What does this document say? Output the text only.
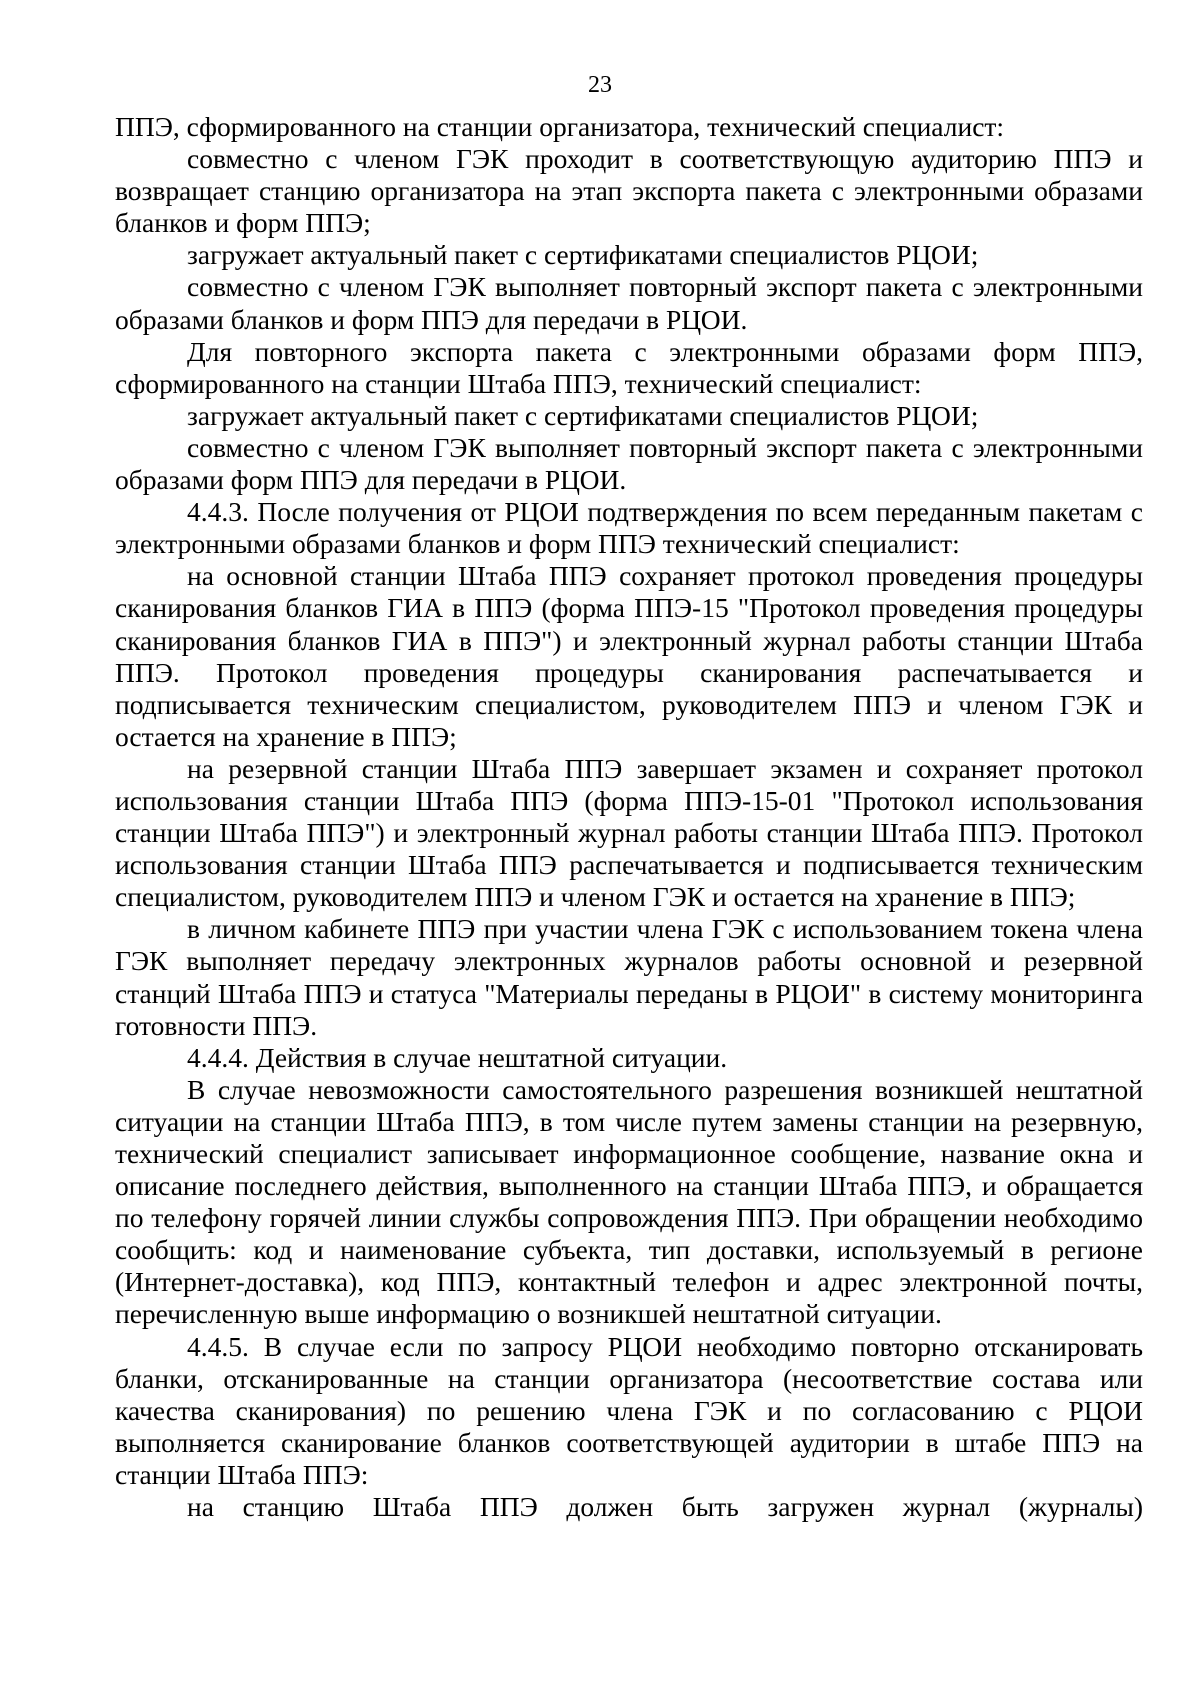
23

ППЭ, сформированного на станции организатора, технический специалист:

совместно с членом ГЭК проходит в соответствующую аудиторию ППЭ и возвращает станцию организатора на этап экспорта пакета с электронными образами бланков и форм ППЭ;

загружает актуальный пакет с сертификатами специалистов РЦОИ;

совместно с членом ГЭК выполняет повторный экспорт пакета с электронными образами бланков и форм ППЭ для передачи в РЦОИ.

Для повторного экспорта пакета с электронными образами форм ППЭ, сформированного на станции Штаба ППЭ, технический специалист:

загружает актуальный пакет с сертификатами специалистов РЦОИ;

совместно с членом ГЭК выполняет повторный экспорт пакета с электронными образами форм ППЭ для передачи в РЦОИ.

4.4.3. После получения от РЦОИ подтверждения по всем переданным пакетам с электронными образами бланков и форм ППЭ технический специалист:

на основной станции Штаба ППЭ сохраняет протокол проведения процедуры сканирования бланков ГИА в ППЭ (форма ППЭ-15 "Протокол проведения процедуры сканирования бланков ГИА в ППЭ") и электронный журнал работы станции Штаба ППЭ. Протокол проведения процедуры сканирования распечатывается и подписывается техническим специалистом, руководителем ППЭ и членом ГЭК и остается на хранение в ППЭ;

на резервной станции Штаба ППЭ завершает экзамен и сохраняет протокол использования станции Штаба ППЭ (форма ППЭ-15-01 "Протокол использования станции Штаба ППЭ") и электронный журнал работы станции Штаба ППЭ. Протокол использования станции Штаба ППЭ распечатывается и подписывается техническим специалистом, руководителем ППЭ и членом ГЭК и остается на хранение в ППЭ;

в личном кабинете ППЭ при участии члена ГЭК с использованием токена члена ГЭК выполняет передачу электронных журналов работы основной и резервной станций Штаба ППЭ и статуса "Материалы переданы в РЦОИ" в систему мониторинга готовности ППЭ.

4.4.4. Действия в случае нештатной ситуации.

В случае невозможности самостоятельного разрешения возникшей нештатной ситуации на станции Штаба ППЭ, в том числе путем замены станции на резервную, технический специалист записывает информационное сообщение, название окна и описание последнего действия, выполненного на станции Штаба ППЭ, и обращается по телефону горячей линии службы сопровождения ППЭ. При обращении необходимо сообщить: код и наименование субъекта, тип доставки, используемый в регионе (Интернет-доставка), код ППЭ, контактный телефон и адрес электронной почты, перечисленную выше информацию о возникшей нештатной ситуации.

4.4.5. В случае если по запросу РЦОИ необходимо повторно отсканировать бланки, отсканированные на станции организатора (несоответствие состава или качества сканирования) по решению члена ГЭК и по согласованию с РЦОИ выполняется сканирование бланков соответствующей аудитории в штабе ППЭ на станции Штаба ППЭ:

на станцию Штаба ППЭ должен быть загружен журнал (журналы)
